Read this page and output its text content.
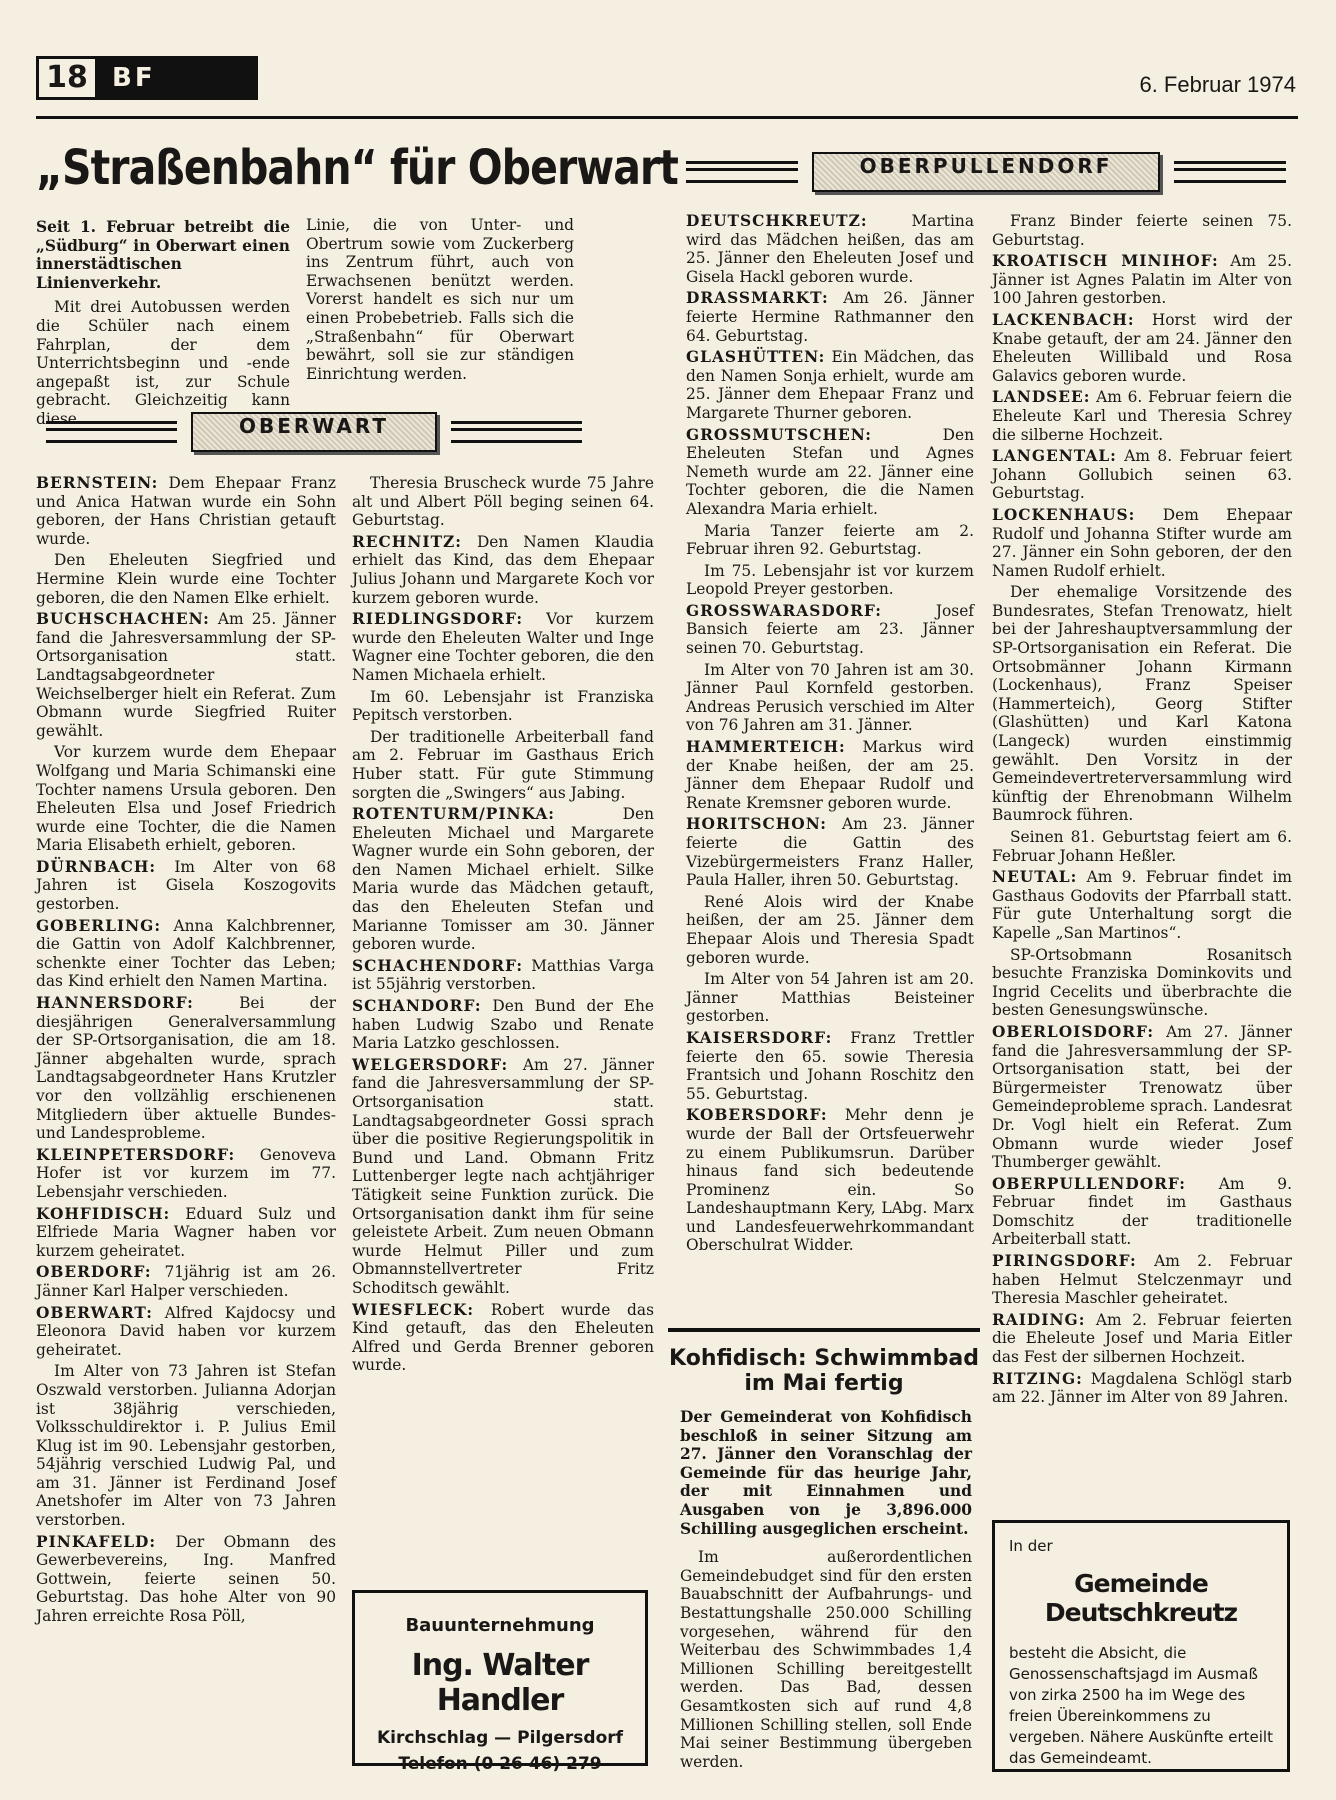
18 BF	6. Februar 1974
„Straßenbahn“ für Oberwart

Seit 1. Februar betreibt die „Südburg“ in Oberwart einen innerstädtischen Linienverkehr.

Mit drei Autobussen werden die Schüler nach einem Fahrplan, der dem Unterrichtsbeginn und -ende angepaßt ist, zur Schule gebracht. Gleichzeitig kann diese

Linie, die von Unter- und Obertrum sowie vom Zuckerberg ins Zentrum führt, auch von Erwachsenen benützt werden. Vorerst handelt es sich nur um einen Probebetrieb. Falls sich die „Straßenbahn“ für Oberwart bewährt, soll sie zur ständigen Einrichtung werden.

OBERWART
OBERPULLENDORF

BERNSTEIN: Dem Ehepaar Franz und Anica Hatwan wurde ein Sohn geboren, der Hans Christian getauft wurde.

Den Eheleuten Siegfried und Hermine Klein wurde eine Tochter geboren, die den Namen Elke erhielt.

BUCHSCHACHEN: Am 25. Jänner fand die Jahresversammlung der SP-Ortsorganisation statt. Landtagsabgeordneter Weichselberger hielt ein Referat. Zum Obmann wurde Siegfried Ruiter gewählt.

Vor kurzem wurde dem Ehepaar Wolfgang und Maria Schimanski eine Tochter namens Ursula geboren. Den Eheleuten Elsa und Josef Friedrich wurde eine Tochter, die die Namen Maria Elisabeth erhielt, geboren.

DÜRNBACH: Im Alter von 68 Jahren ist Gisela Koszogovits gestorben.

GOBERLING: Anna Kalchbrenner, die Gattin von Adolf Kalchbrenner, schenkte einer Tochter das Leben; das Kind erhielt den Namen Martina.

HANNERSDORF: Bei der diesjährigen Generalversammlung der SP-Ortsorganisation, die am 18. Jänner abgehalten wurde, sprach Landtagsabgeordneter Hans Krutzler vor den vollzählig erschienenen Mitgliedern über aktuelle Bundes- und Landesprobleme.

KLEINPETERSDORF: Genoveva Hofer ist vor kurzem im 77. Lebensjahr verschieden.

KOHFIDISCH: Eduard Sulz und Elfriede Maria Wagner haben vor kurzem geheiratet.

OBERDORF: 71jährig ist am 26. Jänner Karl Halper verschieden.

OBERWART: Alfred Kajdocsy und Eleonora David haben vor kurzem geheiratet.

Im Alter von 73 Jahren ist Stefan Oszwald verstorben. Julianna Adorjan ist 38jährig verschieden, Volksschuldirektor i. P. Julius Emil Klug ist im 90. Lebensjahr gestorben, 54jährig verschied Ludwig Pal, und am 31. Jänner ist Ferdinand Josef Anetshofer im Alter von 73 Jahren verstorben.

PINKAFELD: Der Obmann des Gewerbevereins, Ing. Manfred Gottwein, feierte seinen 50. Geburtstag. Das hohe Alter von 90 Jahren erreichte Rosa Pöll,

Theresia Bruscheck wurde 75 Jahre alt und Albert Pöll beging seinen 64. Geburtstag.

RECHNITZ: Den Namen Klaudia erhielt das Kind, das dem Ehepaar Julius Johann und Margarete Koch vor kurzem geboren wurde.

RIEDLINGSDORF: Vor kurzem wurde den Eheleuten Walter und Inge Wagner eine Tochter geboren, die den Namen Michaela erhielt.

Im 60. Lebensjahr ist Franziska Pepitsch verstorben.

Der traditionelle Arbeiterball fand am 2. Februar im Gasthaus Erich Huber statt. Für gute Stimmung sorgten die „Swingers“ aus Jabing.

ROTENTURM/PINKA: Den Eheleuten Michael und Margarete Wagner wurde ein Sohn geboren, der den Namen Michael erhielt. Silke Maria wurde das Mädchen getauft, das den Eheleuten Stefan und Marianne Tomisser am 30. Jänner geboren wurde.

SCHACHENDORF: Matthias Varga ist 55jährig verstorben.

SCHANDORF: Den Bund der Ehe haben Ludwig Szabo und Renate Maria Latzko geschlossen.

WELGERSDORF: Am 27. Jänner fand die Jahresversammlung der SP-Ortsorganisation statt. Landtagsabgeordneter Gossi sprach über die positive Regierungspolitik in Bund und Land. Obmann Fritz Luttenberger legte nach achtjähriger Tätigkeit seine Funktion zurück. Die Ortsorganisation dankt ihm für seine geleistete Arbeit. Zum neuen Obmann wurde Helmut Piller und zum Obmannstellvertreter Fritz Schoditsch gewählt.

WIESFLECK: Robert wurde das Kind getauft, das den Eheleuten Alfred und Gerda Brenner geboren wurde.

DEUTSCHKREUTZ: Martina wird das Mädchen heißen, das am 25. Jänner den Eheleuten Josef und Gisela Hackl geboren wurde.

DRASSMARKT: Am 26. Jänner feierte Hermine Rathmanner den 64. Geburtstag.

GLASHÜTTEN: Ein Mädchen, das den Namen Sonja erhielt, wurde am 25. Jänner dem Ehepaar Franz und Margarete Thurner geboren.

GROSSMUTSCHEN: Den Eheleuten Stefan und Agnes Nemeth wurde am 22. Jänner eine Tochter geboren, die die Namen Alexandra Maria erhielt.

Maria Tanzer feierte am 2. Februar ihren 92. Geburtstag.

Im 75. Lebensjahr ist vor kurzem Leopold Preyer gestorben.

GROSSWARASDORF: Josef Bansich feierte am 23. Jänner seinen 70. Geburtstag.

Im Alter von 70 Jahren ist am 30. Jänner Paul Kornfeld gestorben. Andreas Perusich verschied im Alter von 76 Jahren am 31. Jänner.

HAMMERTEICH: Markus wird der Knabe heißen, der am 25. Jänner dem Ehepaar Rudolf und Renate Kremsner geboren wurde.

HORITSCHON: Am 23. Jänner feierte die Gattin des Vizebürgermeisters Franz Haller, Paula Haller, ihren 50. Geburtstag.

René Alois wird der Knabe heißen, der am 25. Jänner dem Ehepaar Alois und Theresia Spadt geboren wurde.

Im Alter von 54 Jahren ist am 20. Jänner Matthias Beisteiner gestorben.

KAISERSDORF: Franz Trettler feierte den 65. sowie Theresia Frantsich und Johann Roschitz den 55. Geburtstag.

KOBERSDORF: Mehr denn je wurde der Ball der Ortsfeuerwehr zu einem Publikumsrun. Darüber hinaus fand sich bedeutende Prominenz ein. So Landeshauptmann Kery, LAbg. Marx und Landesfeuerwehrkommandant Oberschulrat Widder.

Franz Binder feierte seinen 75. Geburtstag.

KROATISCH MINIHOF: Am 25. Jänner ist Agnes Palatin im Alter von 100 Jahren gestorben.

LACKENBACH: Horst wird der Knabe getauft, der am 24. Jänner den Eheleuten Willibald und Rosa Galavics geboren wurde.

LANDSEE: Am 6. Februar feiern die Eheleute Karl und Theresia Schrey die silberne Hochzeit.

LANGENTAL: Am 8. Februar feiert Johann Gollubich seinen 63. Geburtstag.

LOCKENHAUS: Dem Ehepaar Rudolf und Johanna Stifter wurde am 27. Jänner ein Sohn geboren, der den Namen Rudolf erhielt.

Der ehemalige Vorsitzende des Bundesrates, Stefan Trenowatz, hielt bei der Jahreshauptversammlung der SP-Ortsorganisation ein Referat. Die Ortsobmänner Johann Kirmann (Lockenhaus), Franz Speiser (Hammerteich), Georg Stifter (Glashütten) und Karl Katona (Langeck) wurden einstimmig gewählt. Den Vorsitz in der Gemeindevertreterversammlung wird künftig der Ehrenobmann Wilhelm Baumrock führen.

Seinen 81. Geburtstag feiert am 6. Februar Johann Heßler.

NEUTAL: Am 9. Februar findet im Gasthaus Godovits der Pfarrball statt. Für gute Unterhaltung sorgt die Kapelle „San Martinos“.

SP-Ortsobmann Rosanitsch besuchte Franziska Dominkovits und Ingrid Cecelits und überbrachte die besten Genesungswünsche.

OBERLOISDORF: Am 27. Jänner fand die Jahresversammlung der SP-Ortsorganisation statt, bei der Bürgermeister Trenowatz über Gemeindeprobleme sprach. Landesrat Dr. Vogl hielt ein Referat. Zum Obmann wurde wieder Josef Thumberger gewählt.

OBERPULLENDORF: Am 9. Februar findet im Gasthaus Domschitz der traditionelle Arbeiterball statt.

PIRINGSDORF: Am 2. Februar haben Helmut Stelczenmayr und Theresia Maschler geheiratet.

RAIDING: Am 2. Februar feierten die Eheleute Josef und Maria Eitler das Fest der silbernen Hochzeit.

RITZING: Magdalena Schlögl starb am 22. Jänner im Alter von 89 Jahren.

Kohfidisch: Schwimmbad
im Mai fertig

Der Gemeinderat von Kohfidisch beschloß in seiner Sitzung am 27. Jänner den Voranschlag der Gemeinde für das heurige Jahr, der mit Einnahmen und Ausgaben von je 3,896.000 Schilling ausgeglichen erscheint.

Im außerordentlichen Gemeindebudget sind für den ersten Bauabschnitt der Aufbahrungs- und Bestattungshalle 250.000 Schilling vorgesehen, während für den Weiterbau des Schwimmbades 1,4 Millionen Schilling bereitgestellt werden. Das Bad, dessen Gesamtkosten sich auf rund 4,8 Millionen Schilling stellen, soll Ende Mai seiner Bestimmung übergeben werden.

Bauunternehmung
Ing. Walter Handler
Kirchschlag — Pilgersdorf
Telefon (0 26 46) 279
In der
Gemeinde Deutschkreutz
besteht die Absicht, die Genossenschaftsjagd im Ausmaß von zirka 2500 ha im Wege des freien Übereinkommens zu vergeben. Nähere Auskünfte erteilt das Gemeindeamt.
